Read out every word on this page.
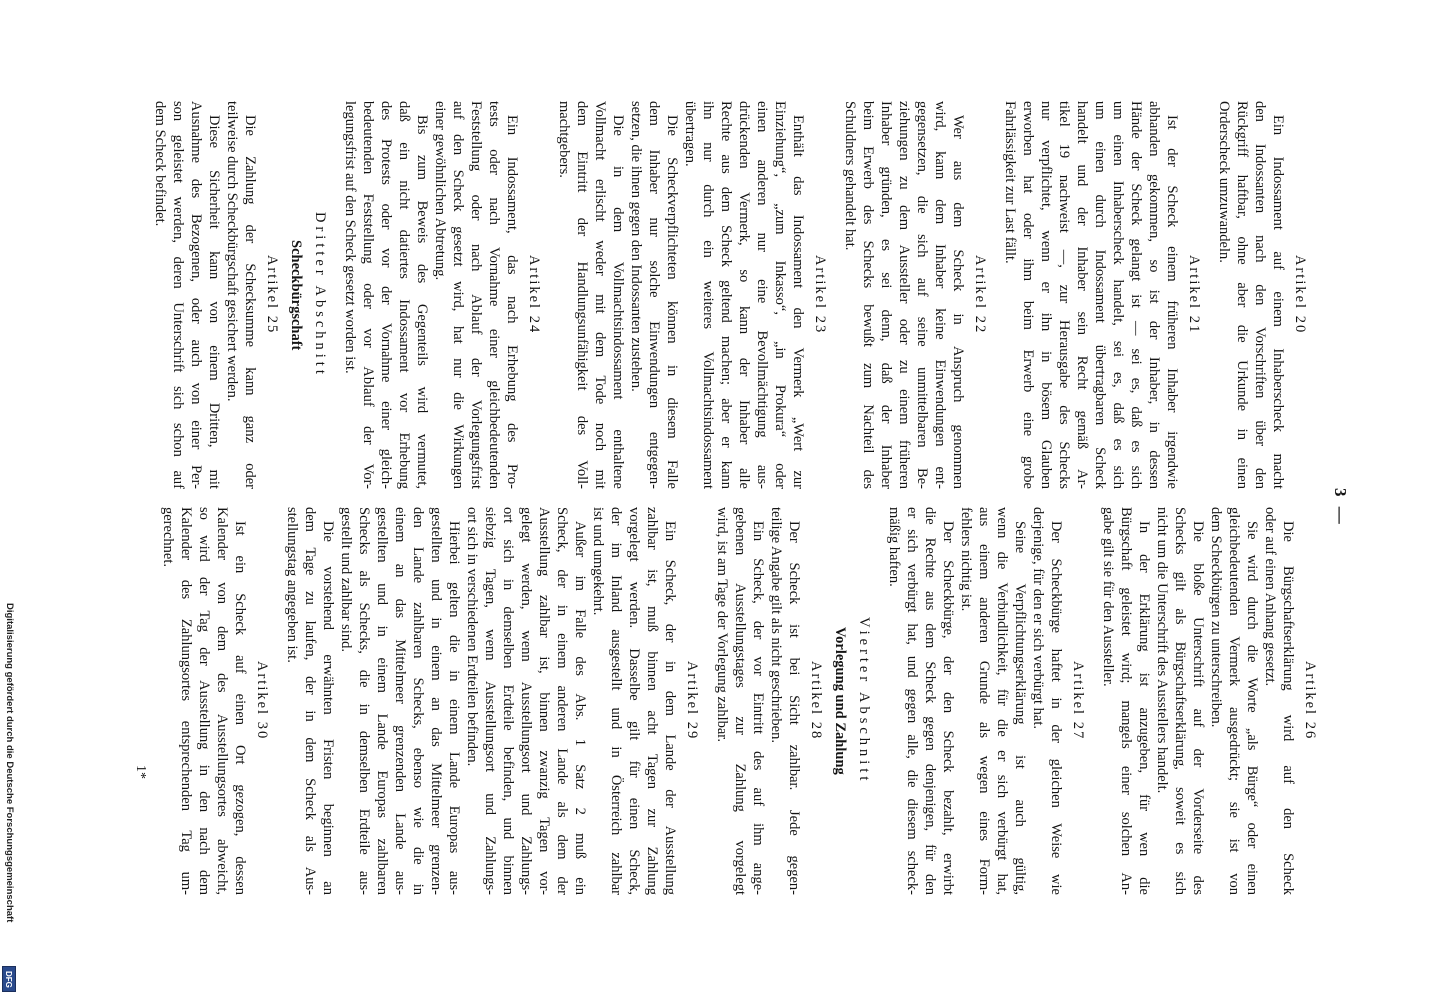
3 —
Artikel 20
Ein Indossament auf einem Inhaberscheck macht
den Indossanten nach den Vorschriften über den
Rückgriff haftbar, ohne aber die Urkunde in einen
Orderscheck umzuwandeln.
Artikel 21
Ist der Scheck einem früheren Inhaber irgendwie
abhanden gekommen, so ist der Inhaber, in dessen
Hände der Scheck gelangt ist — sei es, daß es sich
um einen Inhaberscheck handelt, sei es, daß es sich
um einen durch Indossament übertragbaren Scheck
handelt und der Inhaber sein Recht gemäß Ar-
tikel 19 nachweist —, zur Herausgabe des Schecks
nur verpflichtet, wenn er ihn in bösem Glauben
erworben hat oder ihm beim Erwerb eine grobe
Fahrlässigkeit zur Last fällt.
Artikel 22
Wer aus dem Scheck in Anspruch genommen
wird, kann dem Inhaber keine Einwendungen ent-
gegensetzen, die sich auf seine unmittelbaren Be-
ziehungen zu dem Aussteller oder zu einem früheren
Inhaber gründen, es sei denn, daß der Inhaber
beim Erwerb des Schecks bewußt zum Nachteil des
Schuldners gehandelt hat.
Artikel 23
Enthält das Indossament den Vermerk „Wert zur
Einziehung“, „zum Inkasso“, „in Prokura“ oder
einen anderen nur eine Bevollmächtigung aus-
drückenden Vermerk, so kann der Inhaber alle
Rechte aus dem Scheck geltend machen; aber er kann
ihn nur durch ein weiteres Vollmachtsindossament
übertragen.
Die Scheckverpflichteten können in diesem Falle
dem Inhaber nur solche Einwendungen entgegen-
setzen, die ihnen gegen den Indossanten zustehen.
Die in dem Vollmachtsindossament enthaltene
Vollmacht erlischt weder mit dem Tode noch mit
dem Eintritt der Handlungsunfähigkeit des Voll-
machtgebers.
Artikel 24
Ein Indossament, das nach Erhebung des Pro-
tests oder nach Vornahme einer gleichbedeutenden
Feststellung oder nach Ablauf der Vorlegungsfrist
auf den Scheck gesetzt wird, hat nur die Wirkungen
einer gewöhnlichen Abtretung.
Bis zum Beweis des Gegenteils wird vermutet,
daß ein nicht datiertes Indossament vor Erhebung
des Protests oder vor der Vornahme einer gleich-
bedeutenden Feststellung oder vor Ablauf der Vor-
legungsfrist auf den Scheck gesetzt worden ist.
Dritter Abschnitt
Scheckbürgschaft
Artikel 25
Die Zahlung der Schecksumme kann ganz oder
teilweise durch Scheckbürgschaft gesichert werden.
Diese Sicherheit kann von einem Dritten, mit
Ausnahme des Bezogenen, oder auch von einer Per-
son geleistet werden, deren Unterschrift sich schon auf
dem Scheck befindet.
Artikel 26
Die Bürgschaftserklärung wird auf den Scheck
oder auf einen Anhang gesetzt.
Sie wird durch die Worte „als Bürge“ oder einen
gleichbedeutenden Vermerk ausgedrückt; sie ist von
dem Scheckbürgen zu unterschreiben.
Die bloße Unterschrift auf der Vorderseite des
Schecks gilt als Bürgschaftserklärung, soweit es sich
nicht um die Unterschrift des Ausstellers handelt.
In der Erklärung ist anzugeben, für wen die
Bürgschaft geleistet wird; mangels einer solchen An-
gabe gilt sie für den Aussteller.
Artikel 27
Der Scheckbürge haftet in der gleichen Weise wie
derjenige, für den er sich verbürgt hat.
Seine Verpflichtungserklärung ist auch gültig,
wenn die Verbindlichkeit, für die er sich verbürgt hat,
aus einem anderen Grunde als wegen eines Form-
fehlers nichtig ist.
Der Scheckbürge, der den Scheck bezahlt, erwirbt
die Rechte aus dem Scheck gegen denjenigen, für den
er sich verbürgt hat, und gegen alle, die diesem scheck-
mäßig haften.
Vierter Abschnitt
Vorlegung und Zahlung
Artikel 28
Der Scheck ist bei Sicht zahlbar. Jede gegen-
teilige Angabe gilt als nicht geschrieben.
Ein Scheck, der vor Eintritt des auf ihm ange-
gebenen Ausstellungstages zur Zahlung vorgelegt
wird, ist am Tage der Vorlegung zahlbar.
Artikel 29
Ein Scheck, der in dem Lande der Ausstellung
zahlbar ist, muß binnen acht Tagen zur Zahlung
vorgelegt werden. Dasselbe gilt für einen Scheck,
der im Inland ausgestellt und in Österreich zahlbar
ist und umgekehrt.
Außer im Falle des Abs. 1 Satz 2 muß ein
Scheck, der in einem anderen Lande als dem der
Ausstellung zahlbar ist, binnen zwanzig Tagen vor-
gelegt werden, wenn Ausstellungsort und Zahlungs-
ort sich in demselben Erdteile befinden, und binnen
siebzig Tagen, wenn Ausstellungsort und Zahlungs-
ort sich in verschiedenen Erdteilen befinden.
Hierbei gelten die in einem Lande Europas aus-
gestellten und in einem an das Mittelmeer grenzen-
den Lande zahlbaren Schecks, ebenso wie die in
einem an das Mittelmeer grenzenden Lande aus-
gestellten und in einem Lande Europas zahlbaren
Schecks als Schecks, die in demselben Erdteile aus-
gestellt und zahlbar sind.
Die vorstehend erwähnten Fristen beginnen an
dem Tage zu laufen, der in dem Scheck als Aus-
stellungstag angegeben ist.
Artikel 30
Ist ein Scheck auf einen Ort gezogen, dessen
Kalender von dem des Ausstellungsortes abweicht,
so wird der Tag der Ausstellung in den nach dem
Kalender des Zahlungsortes entsprechenden Tag um-
gerechnet.
1*
Digitalisierung gefördert durch die Deutsche Forschungsgemeinschaft
DFG
